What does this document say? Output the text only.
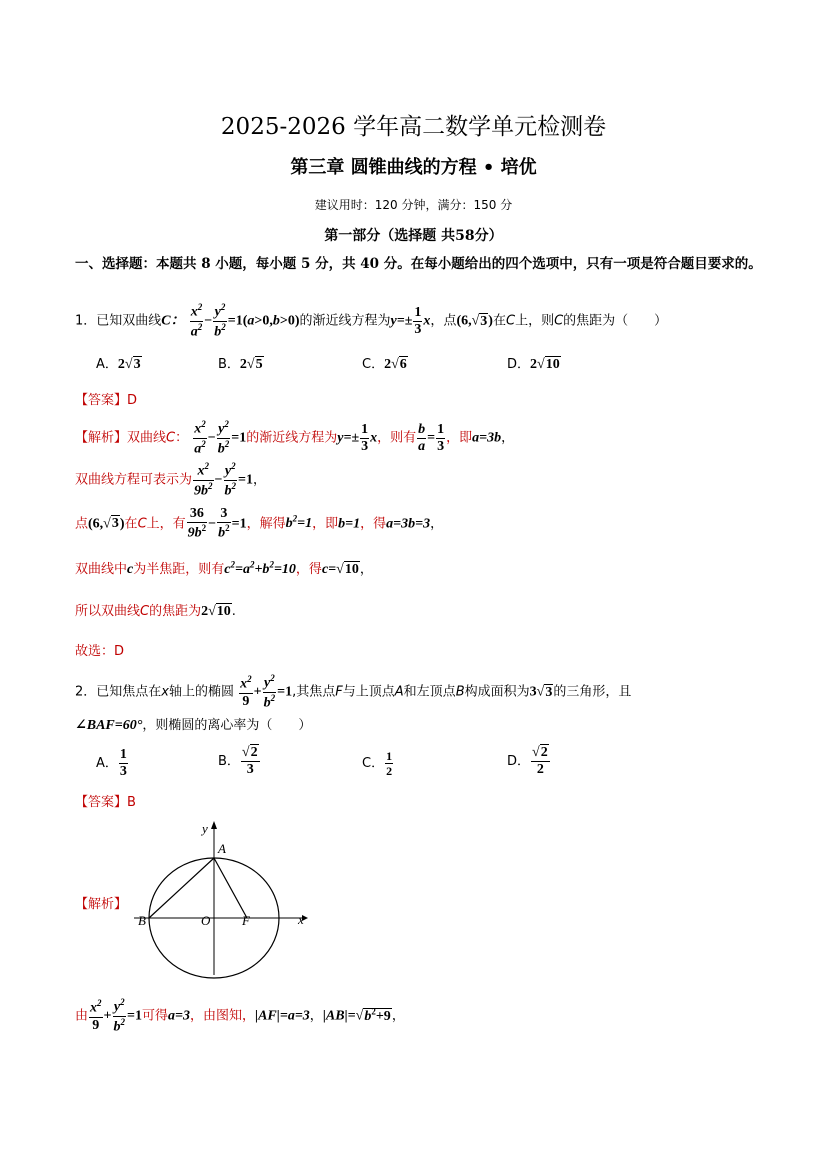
2025-2026 学年高二数学单元检测卷
第三章 圆锥曲线的方程 • 培优
建议用时：120 分钟，满分：150 分
第一部分（选择题 共58分）
一、选择题：本题共 8 小题，每小题 5 分，共 40 分。在每小题给出的四个选项中，只有一项是符合题目要求的。
1．已知双曲线C： $\frac{x^2}{a^2} - \frac{y^2}{b^2} =1(a>0,b>0)$的渐近线方程为$y=\pm \frac{1}{3}$ x，点(6,√3)在C上，则C的焦距为（　　）
A．2√3	B．2√5	C．2√6	D．2√10
【答案】D
【解析】双曲线C： $\frac{x^2}{a^2} - \frac{y^2}{b^2} =1$的渐近线方程为$y=\pm \frac{1}{3}$ x，则有 $\frac{b}{a} = \frac{1}{3}$ ，即a=3b，
双曲线方程可表示为 $\frac{x^2}{9b^2} - \frac{y^2}{b^2} =1$，
点(6,√3)在C上，有 $\frac{36}{9b^2} - \frac{3}{b^2} =1$，解得$b^2=1$，即b=1，得a=3b=3，
双曲线中c为半焦距，则有$c^2=a^2+b^2=10$，得c=√10，
所以双曲线C的焦距为2√10.
故选：D
2．已知焦点在x轴上的椭圆 $\frac{x^2}{9} + \frac{y^2}{b^2} =1$,其焦点F与上顶点A和左顶点B构成面积为3√3的三角形，且
∠BAF=60°，则椭圆的离心率为（　　）
A． $\frac{1}{3}$	B． $\frac{√2}{3}$	C． $\frac{1}{2}$	D． $\frac{√2}{2}$
【答案】B
【解析】
y
x
A
B	O F
由 $\frac{x^2}{9} + \frac{y^2}{b^2} =1$可得a=3，由图知，|AF|=a=3，$|AB|=√b^2+9$，
